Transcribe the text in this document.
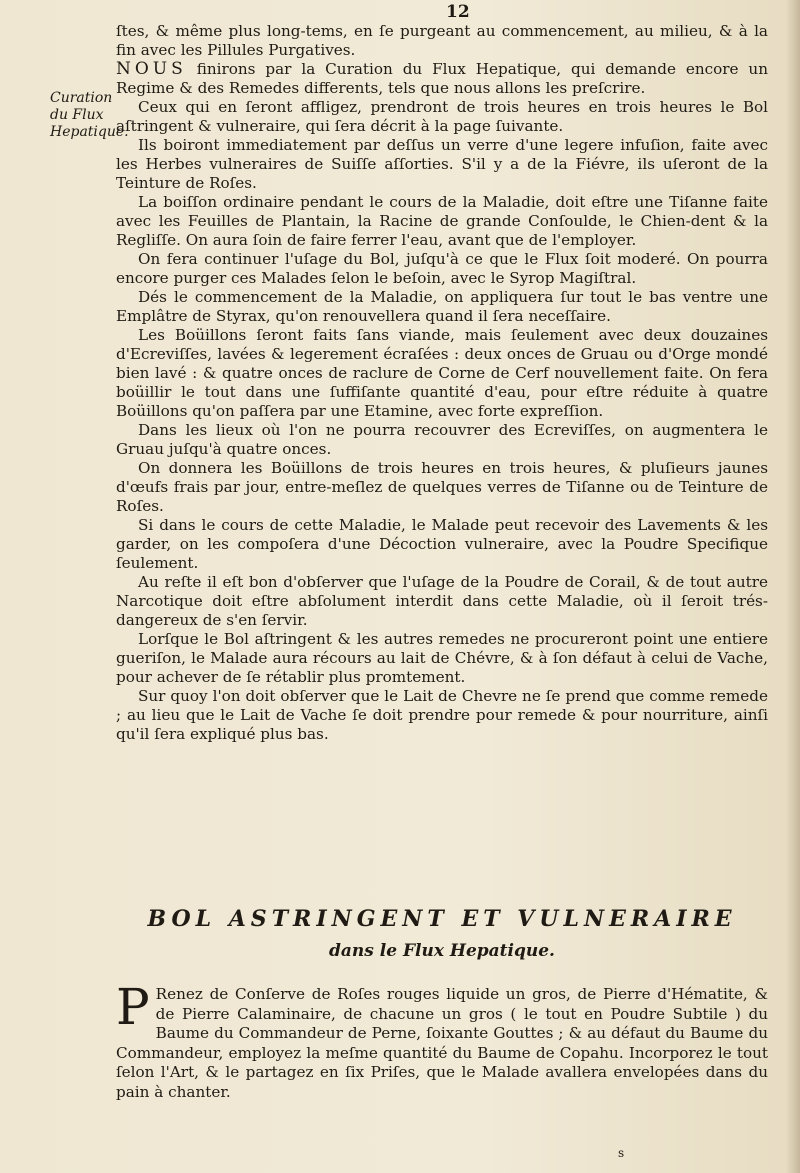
12
Curation du Flux Hepatique.

ſtes, & même plus long-tems, en ſe purgeant au commencement, au milieu, & à la fin avec les Pillules Purgatives.

NOUS finirons par la Curation du Flux Hepatique, qui demande encore un Regime & des Remedes differents, tels que nous allons les preſcrire.

Ceux qui en ſeront affligez, prendront de trois heures en trois heures le Bol aſtringent & vulneraire, qui ſera décrit à la page ſuivante.

Ils boiront immediatement par deſſus un verre d'une legere infuſion, faite avec les Herbes vulneraires de Suiſſe aſſorties. S'il y a de la Fiévre, ils uſeront de la Teinture de Roſes.

La boiſſon ordinaire pendant le cours de la Maladie, doit eſtre une Tiſanne faite avec les Feuilles de Plantain, la Racine de grande Conſoulde, le Chien-dent & la Regliſſe. On aura ſoin de faire ferrer l'eau, avant que de l'employer.

On fera continuer l'uſage du Bol, juſqu'à ce que le Flux ſoit moderé. On pourra encore purger ces Malades ſelon le beſoin, avec le Syrop Magiſtral.

Dés le commencement de la Maladie, on appliquera ſur tout le bas ventre une Emplâtre de Styrax, qu'on renouvellera quand il ſera neceſſaire.

Les Boüillons ſeront faits ſans viande, mais ſeulement avec deux douzaines d'Ecreviſſes, lavées & legerement écraſées : deux onces de Gruau ou d'Orge mondé bien lavé : & quatre onces de raclure de Corne de Cerf nouvellement faite. On fera boüillir le tout dans une ſuffiſante quantité d'eau, pour eſtre réduite à quatre Boüillons qu'on paſſera par une Etamine, avec forte expreſſion.

Dans les lieux où l'on ne pourra recouvrer des Ecreviſſes, on augmentera le Gruau juſqu'à quatre onces.

On donnera les Boüillons de trois heures en trois heures, & pluſieurs jaunes d'œufs frais par jour, entre-meſlez de quelques verres de Tiſanne ou de Teinture de Roſes.

Si dans le cours de cette Maladie, le Malade peut recevoir des Lavements & les garder, on les compoſera d'une Décoction vulneraire, avec la Poudre Specifique ſeulement.

Au reſte il eſt bon d'obſerver que l'uſage de la Poudre de Corail, & de tout autre Narcotique doit eſtre abſolument interdit dans cette Maladie, où il ſeroit trés-dangereux de s'en ſervir.

Lorſque le Bol aſtringent & les autres remedes ne procureront point une entiere gueriſon, le Malade aura récours au lait de Chévre, & à ſon défaut à celui de Vache, pour achever de ſe rétablir plus promtement.

Sur quoy l'on doit obſerver que le Lait de Chevre ne ſe prend que comme remede ; au lieu que le Lait de Vache ſe doit prendre pour remede & pour nourriture, ainſi qu'il ſera expliqué plus bas.

BOL ASTRINGENT ET VULNERAIRE
dans le Flux Hepatique.

P Renez de Conſerve de Roſes rouges liquide un gros, de Pierre d'Hématite, & de Pierre Calaminaire, de chacune un gros ( le tout en Poudre Subtile ) du Baume du Commandeur de Perne, ſoixante Gouttes ; & au défaut du Baume du Commandeur, employez la meſme quantité du Baume de Copahu. Incorporez le tout ſelon l'Art, & le partagez en ſix Priſes, que le Malade avallera envelopées dans du pain à chanter.

s
